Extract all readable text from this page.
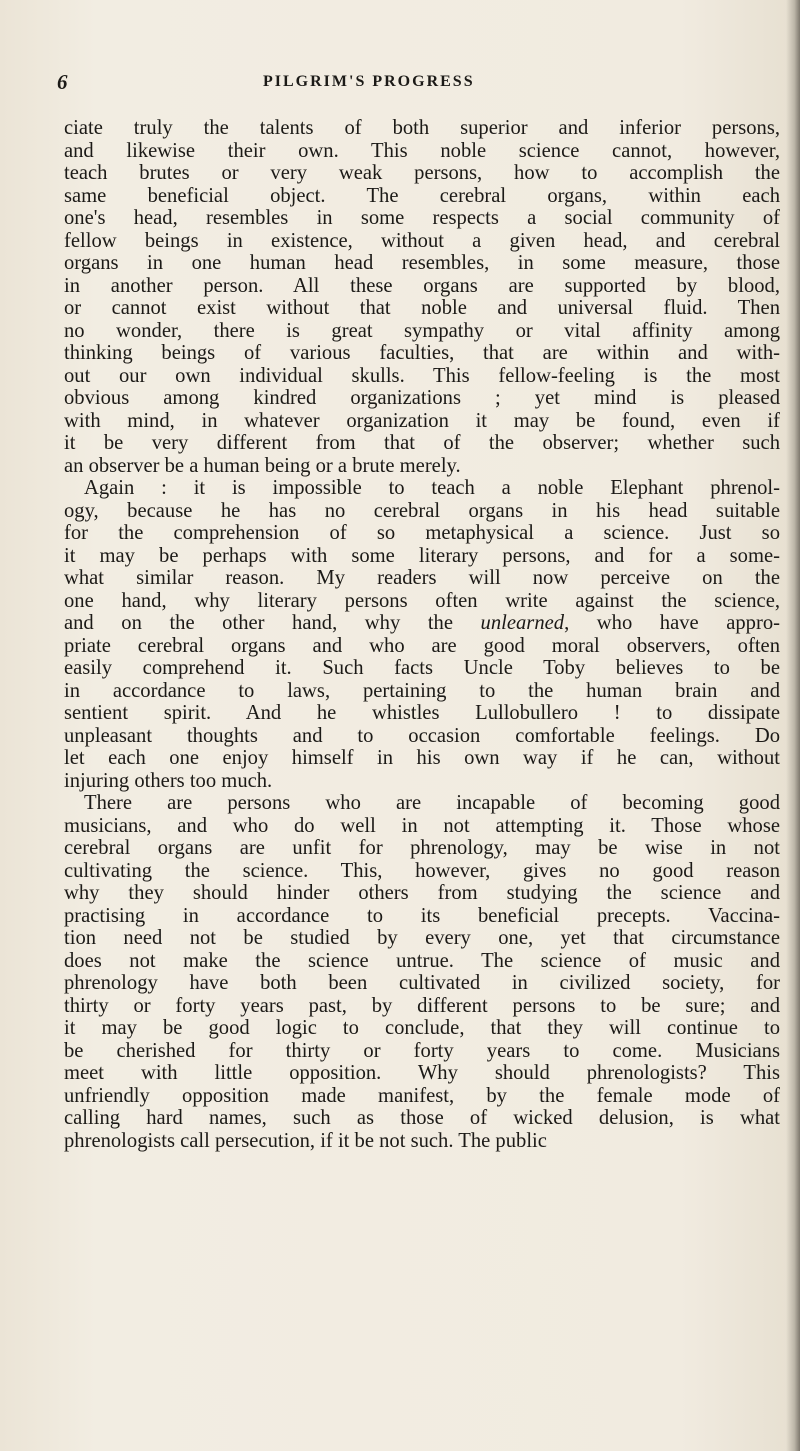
6	PILGRIM'S PROGRESS
ciate truly the talents of both superior and inferior persons,
and likewise their own. This noble science cannot, however,
teach brutes or very weak persons, how to accomplish the
same beneficial object. The cerebral organs, within each
one's head, resembles in some respects a social community of
fellow beings in existence, without a given head, and cerebral
organs in one human head resembles, in some measure, those
in another person. All these organs are supported by blood,
or cannot exist without that noble and universal fluid. Then
no wonder, there is great sympathy or vital affinity among
thinking beings of various faculties, that are within and with-
out our own individual skulls. This fellow-feeling is the most
obvious among kindred organizations ; yet mind is pleased
with mind, in whatever organization it may be found, even if
it be very different from that of the observer; whether such
an observer be a human being or a brute merely.
Again : it is impossible to teach a noble Elephant phrenol-
ogy, because he has no cerebral organs in his head suitable
for the comprehension of so metaphysical a science. Just so
it may be perhaps with some literary persons, and for a some-
what similar reason. My readers will now perceive on the
one hand, why literary persons often write against the science,
and on the other hand, why the unlearned, who have appro-
priate cerebral organs and who are good moral observers, often
easily comprehend it. Such facts Uncle Toby believes to be
in accordance to laws, pertaining to the human brain and
sentient spirit. And he whistles Lullobullero ! to dissipate
unpleasant thoughts and to occasion comfortable feelings. Do
let each one enjoy himself in his own way if he can, without
injuring others too much.
There are persons who are incapable of becoming good
musicians, and who do well in not attempting it. Those whose
cerebral organs are unfit for phrenology, may be wise in not
cultivating the science. This, however, gives no good reason
why they should hinder others from studying the science and
practising in accordance to its beneficial precepts. Vaccina-
tion need not be studied by every one, yet that circumstance
does not make the science untrue. The science of music and
phrenology have both been cultivated in civilized society, for
thirty or forty years past, by different persons to be sure; and
it may be good logic to conclude, that they will continue to
be cherished for thirty or forty years to come. Musicians
meet with little opposition. Why should phrenologists? This
unfriendly opposition made manifest, by the female mode of
calling hard names, such as those of wicked delusion, is what
phrenologists call persecution, if it be not such. The public
